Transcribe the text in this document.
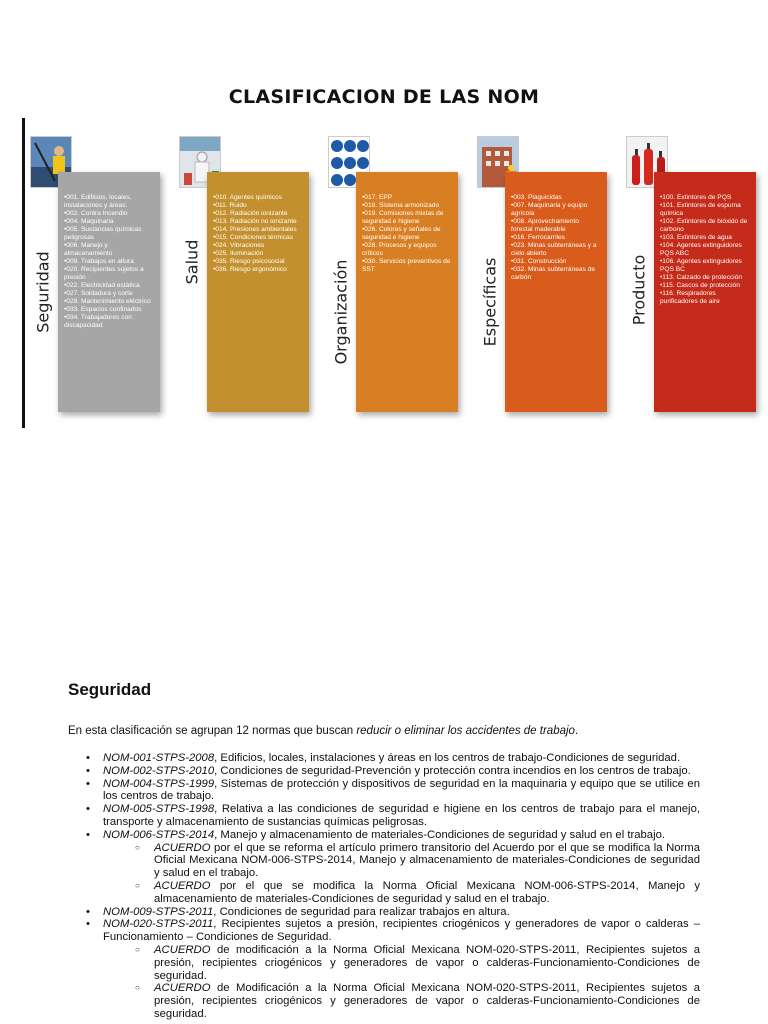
CLASIFICACION DE LAS NOM
Seguridad
•001. Edificios, locales, instalaciones y áreas.
•002. Contra Incendio
•004. Maquinaria
•005. Sustancias químicas peligrosas
•006. Manejo y almacenamiento
•009. Trabajos en altura
•020. Recipientes sujetos a presión
•022. Electricidad estática
•027. Soldadura y corte
•029. Mantenimiento eléctrico
•033. Espacios confinados
•034. Trabajadores con discapacidad
Salud
•010. Agentes químicos
•011. Ruido
•012. Radiación ionizante
•013. Radiación no ionizante
•014. Presiones ambientales
•015. Condiciones térmicas
•024. Vibraciones
•025. Iluminación
•035. Riesgo psicosocial
•036. Riesgo ergonómico	Organización
•017. EPP
•018. Sistema armonizado
•019. Comisiones mixtas de seguridad e higiene
•026. Colores y señales de seguridad e higiene
•028. Procesos y equipos críticos
•030. Servicios preventivos de SST	Específicas
•003. Plaguicidas
•007. Maquinaria y equipo agrícola
•008. Aprovechamiento forestal maderable
•016. Ferrocarriles
•023. Minas subterráneas y a cielo abierto
•031. Construcción
•032. Minas subterráneas de carbón	Producto
•100. Extintores de PQS
•101. Extintores de espuma química
•102. Extintores de bióxido de carbono
•103. Extintores de agua
•104. Agentes extinguidores PQS ABC
•106. Agentes extinguidores PQS BC
•113. Calzado de protección
•115. Cascos de protección
•116. Respiradores purificadores de aire
Seguridad

En esta clasificación se agrupan 12 normas que buscan reducir o eliminar los accidentes de trabajo.

• NOM-001-STPS-2008, Edificios, locales, instalaciones y áreas en los centros de trabajo-Condiciones de seguridad.
• NOM-002-STPS-2010, Condiciones de seguridad-Prevención y protección contra incendios en los centros de trabajo.
• NOM-004-STPS-1999, Sistemas de protección y dispositivos de seguridad en la maquinaria y equipo que se utilice en los centros de trabajo.
• NOM-005-STPS-1998, Relativa a las condiciones de seguridad e higiene en los centros de trabajo para el manejo, transporte y almacenamiento de sustancias químicas peligrosas.
• NOM-006-STPS-2014, Manejo y almacenamiento de materiales-Condiciones de seguridad y salud en el trabajo.
○ ACUERDO por el que se reforma el artículo primero transitorio del Acuerdo por el que se modifica la Norma Oficial Mexicana NOM-006-STPS-2014, Manejo y almacenamiento de materiales-Condiciones de seguridad y salud en el trabajo.
○ ACUERDO por el que se modifica la Norma Oficial Mexicana NOM-006-STPS-2014, Manejo y almacenamiento de materiales-Condiciones de seguridad y salud en el trabajo.
• NOM-009-STPS-2011, Condiciones de seguridad para realizar trabajos en altura.
• NOM-020-STPS-2011, Recipientes sujetos a presión, recipientes criogénicos y generadores de vapor o calderas – Funcionamiento – Condiciones de Seguridad.
○ ACUERDO de modificación a la Norma Oficial Mexicana NOM-020-STPS-2011, Recipientes sujetos a presión, recipientes criogénicos y generadores de vapor o calderas-Funcionamiento-Condiciones de seguridad.
○ ACUERDO de Modificación a la Norma Oficial Mexicana NOM-020-STPS-2011, Recipientes sujetos a presión, recipientes criogénicos y generadores de vapor o calderas-Funcionamiento-Condiciones de seguridad.
